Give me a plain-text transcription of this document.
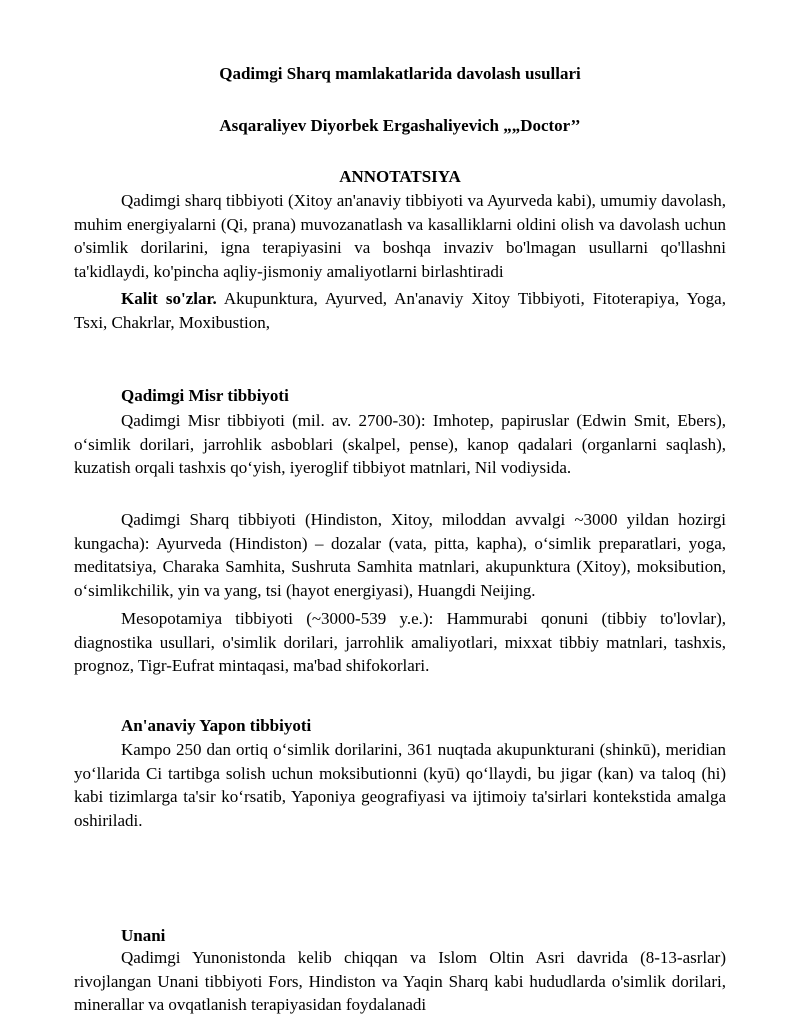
Qadimgi Sharq mamlakatlarida davolash usullari
Asqaraliyev Diyorbek Ergashaliyevich „„Doctor’’
ANNOTATSIYA

Qadimgi sharq tibbiyoti (Xitoy an'anaviy tibbiyoti va Ayurveda kabi), umumiy davolash, muhim energiyalarni (Qi, prana) muvozanatlash va kasalliklarni oldini olish va davolash uchun o'simlik dorilarini, igna terapiyasini va boshqa invaziv bo'lmagan usullarni qo'llashni ta'kidlaydi, ko'pincha aqliy-jismoniy amaliyotlarni birlashtiradi

Kalit so'zlar. Akupunktura, Ayurved, An'anaviy Xitoy Tibbiyoti, Fitoterapiya, Yoga, Tsxi, Chakrlar, Moxibustion,

Qadimgi Misr tibbiyoti

Qadimgi Misr tibbiyoti (mil. av. 2700-30): Imhotep, papiruslar (Edwin Smit, Ebers), o‘simlik dorilari, jarrohlik asboblari (skalpel, pense), kanop qadalari (organlarni saqlash), kuzatish orqali tashxis qo‘yish, iyeroglif tibbiyot matnlari, Nil vodiysida.

Qadimgi Sharq tibbiyoti (Hindiston, Xitoy, miloddan avvalgi ~3000 yildan hozirgi kungacha): Ayurveda (Hindiston) – dozalar (vata, pitta, kapha), o‘simlik preparatlari, yoga, meditatsiya, Charaka Samhita, Sushruta Samhita matnlari, akupunktura (Xitoy), moksibution, o‘simlikchilik, yin va yang, tsi (hayot energiyasi), Huangdi Neijing.

Mesopotamiya tibbiyoti (~3000-539 y.e.): Hammurabi qonuni (tibbiy to'lovlar), diagnostika usullari, o'simlik dorilari, jarrohlik amaliyotlari, mixxat tibbiy matnlari, tashxis, prognoz, Tigr-Eufrat mintaqasi, ma'bad shifokorlari.

An'anaviy Yapon tibbiyoti

Kampo 250 dan ortiq o‘simlik dorilarini, 361 nuqtada akupunkturani (shinkū), meridian yo‘llarida Ci tartibga solish uchun moksibutionni (kyū) qo‘llaydi, bu jigar (kan) va taloq (hi) kabi tizimlarga ta'sir ko‘rsatib, Yaponiya geografiyasi va ijtimoiy ta'sirlari kontekstida amalga oshiriladi.

Unani

Qadimgi Yunonistonda kelib chiqqan va Islom Oltin Asri davrida (8-13-asrlar) rivojlangan Unani tibbiyoti Fors, Hindiston va Yaqin Sharq kabi hududlarda o'simlik dorilari, minerallar va ovqatlanish terapiyasidan foydalanadi
